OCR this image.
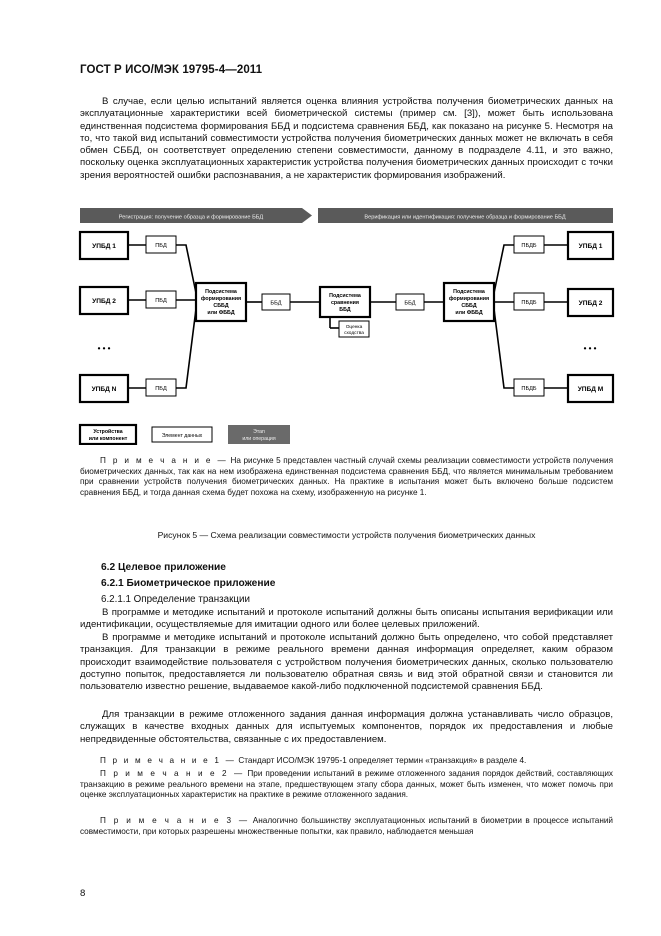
ГОСТ Р ИСО/МЭК 19795-4—2011

В случае, если целью испытаний является оценка влияния устройства получения биометрических данных на эксплуатационные характеристики всей биометрической системы (пример см. [3]), может быть использована единственная подсистема формирования ББД и подсистема сравнения ББД, как показано на рисунке 5. Несмотря на то, что такой вид испытаний совместимости устройства получения биометрических данных может не включать в себя обмен СББД, он соответствует определению степени совместимости, данному в подразделе 4.11, и это важно, поскольку оценка эксплуатационных характеристик устройства получения биометрических данных происходит с точки зрения вероятностей ошибки распознавания, а не характеристик формирования изображений.

Регистрация: получение образца и формирование ББД	Верификация или идентификация: получение образца и формирование ББД
УПБД 1
УПБД 2
• • •
УПБД N
ПБД
ПБД
ПБД
Подсистема
формирования
СББД
или ФББД
ББД
Подсистема
сравнения
ББД
Оценка
сходства
ББД
Подсистема
формирования
СББД
или ФББД
ПБДБ
ПБДБ
ПБДБ
УПБД 1
УПБД 2
• • •
УПБД М
Устройства
или компонент	Элемент данных
Этап
или операция

П р и м е ч а н и е — На рисунке 5 представлен частный случай схемы реализации совместимости устройств получения биометрических данных, так как на нем изображена единственная подсистема сравнения ББД, что является минимальным требованием при сравнении устройств получения биометрических данных. На практике в испытания может быть включено больше подсистем сравнения ББД, и тогда данная схема будет похожа на схему, изображенную на рисунке 1.

Рисунок 5 — Схема реализации совместимости устройств получения биометрических данных
6.2 Целевое приложение
6.2.1 Биометрическое приложение
6.2.1.1 Определение транзакции

В программе и методике испытаний и протоколе испытаний должны быть описаны испытания верификации или идентификации, осуществляемые для имитации одного или более целевых приложений.

В программе и методике испытаний и протоколе испытаний должно быть определено, что собой представляет транзакция. Для транзакции в режиме реального времени данная информация определяет, каким образом происходит взаимодействие пользователя с устройством получения биометрических данных, сколько пользователю доступно попыток, предоставляется ли пользователю обратная связь и вид этой обратной связи и становится ли пользователю известно решение, выдаваемое какой-либо подключенной подсистемой сравнения ББД.

Для транзакции в режиме отложенного задания данная информация должна устанавливать число образцов, служащих в качестве входных данных для испытуемых компонентов, порядок их предоставления и любые непредвиденные обстоятельства, связанные с их предоставлением.

П р и м е ч а н и е 1 — Стандарт ИСО/МЭК 19795-1 определяет термин «транзакция» в разделе 4.

П р и м е ч а н и е 2 — При проведении испытаний в режиме отложенного задания порядок действий, составляющих транзакцию в режиме реального времени на этапе, предшествующем этапу сбора данных, может быть изменен, что может помочь при оценке эксплуатационных характеристик на практике в режиме отложенного задания.

П р и м е ч а н и е 3 — Аналогично большинству эксплуатационных испытаний в биометрии в процессе испытаний совместимости, при которых разрешены множественные попытки, как правило, наблюдается меньшая

8
